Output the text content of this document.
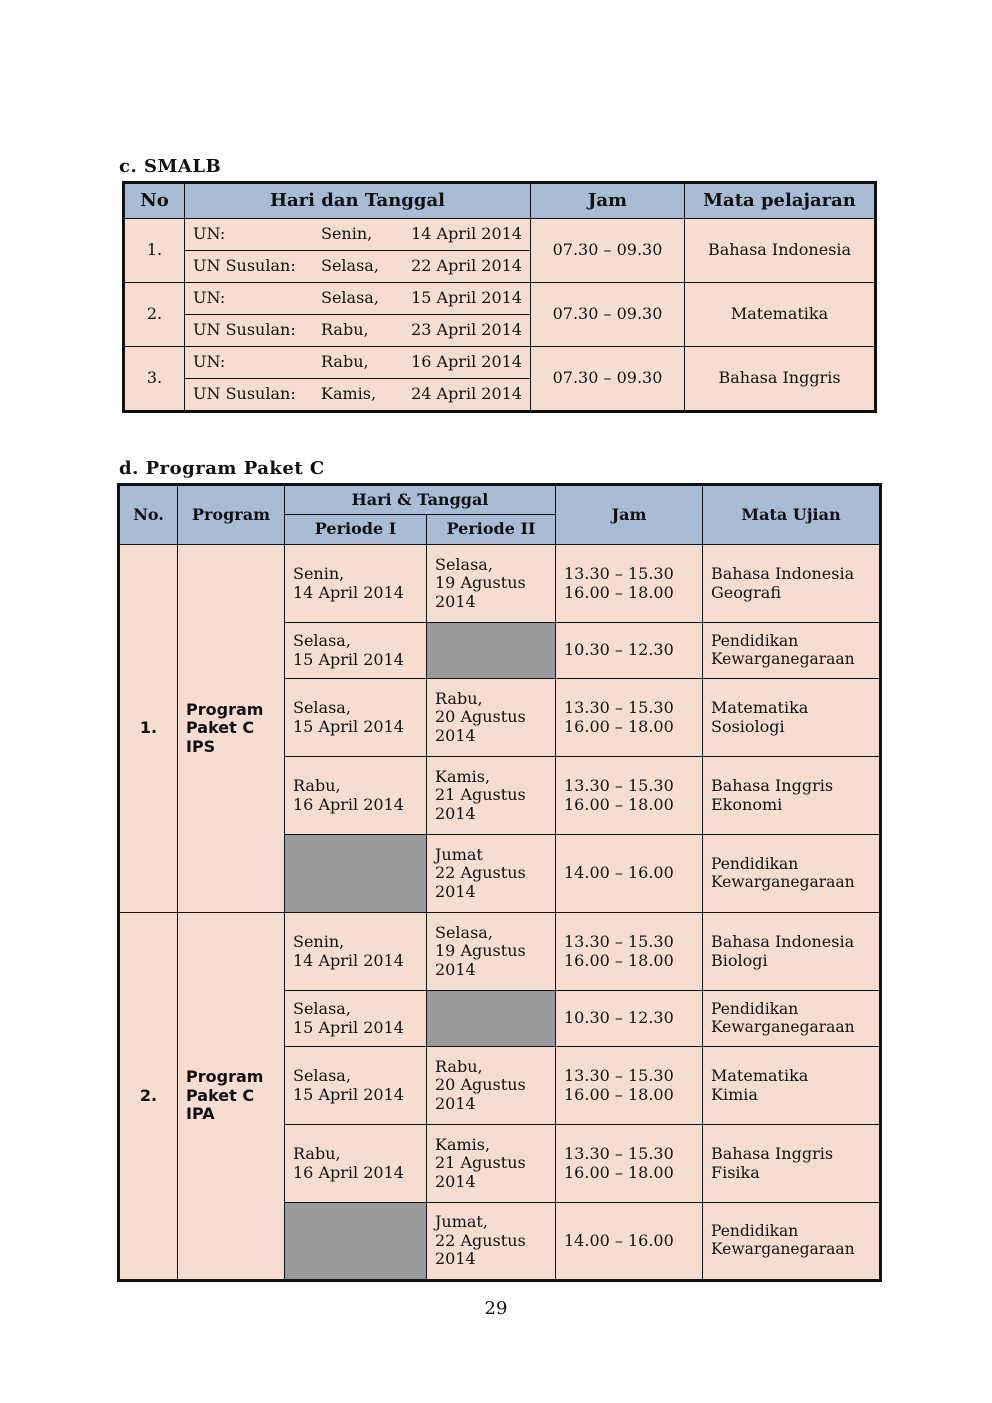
c. SMALB
No	Hari dan Tanggal	Jam	Mata pelajaran
1.	UN: Senin, 14 April 2014	07.30 – 09.30	Bahasa Indonesia

	UN Susulan: Selasa, 22 April 2014		

2.	UN: Selasa, 15 April 2014	07.30 – 09.30	Matematika

	UN Susulan: Rabu, 23 April 2014		

3.	UN: Rabu, 16 April 2014	07.30 – 09.30	Bahasa Inggris

	UN Susulan: Kamis, 24 April 2014		
d. Program Paket C
No.	Program	Hari & Tanggal		Jam	Mata Ujian
		Periode I	Periode II		
1.	Program
Paket C
IPS	Senin,
14 April 2014	Selasa,
19 Agustus
2014	13.30 – 15.30
16.00 – 18.00	Bahasa Indonesia
Geografi

		Selasa,
15 April 2014		10.30 – 12.30	Pendidikan
Kewarganegaraan

		Selasa,
15 April 2014	Rabu,
20 Agustus
2014	13.30 – 15.30
16.00 – 18.00	Matematika
Sosiologi

		Rabu,
16 April 2014	Kamis,
21 Agustus
2014	13.30 – 15.30
16.00 – 18.00	Bahasa Inggris
Ekonomi

			Jumat
22 Agustus
2014	14.00 – 16.00	Pendidikan
Kewarganegaraan

2.	Program
Paket C
IPA	Senin,
14 April 2014	Selasa,
19 Agustus
2014	13.30 – 15.30
16.00 – 18.00	Bahasa Indonesia
Biologi

		Selasa,
15 April 2014		10.30 – 12.30	Pendidikan
Kewarganegaraan

		Selasa,
15 April 2014	Rabu,
20 Agustus
2014	13.30 – 15.30
16.00 – 18.00	Matematika
Kimia

		Rabu,
16 April 2014	Kamis,
21 Agustus
2014	13.30 – 15.30
16.00 – 18.00	Bahasa Inggris
Fisika

			Jumat,
22 Agustus
2014	14.00 – 16.00	Pendidikan
Kewarganegaraan
29
